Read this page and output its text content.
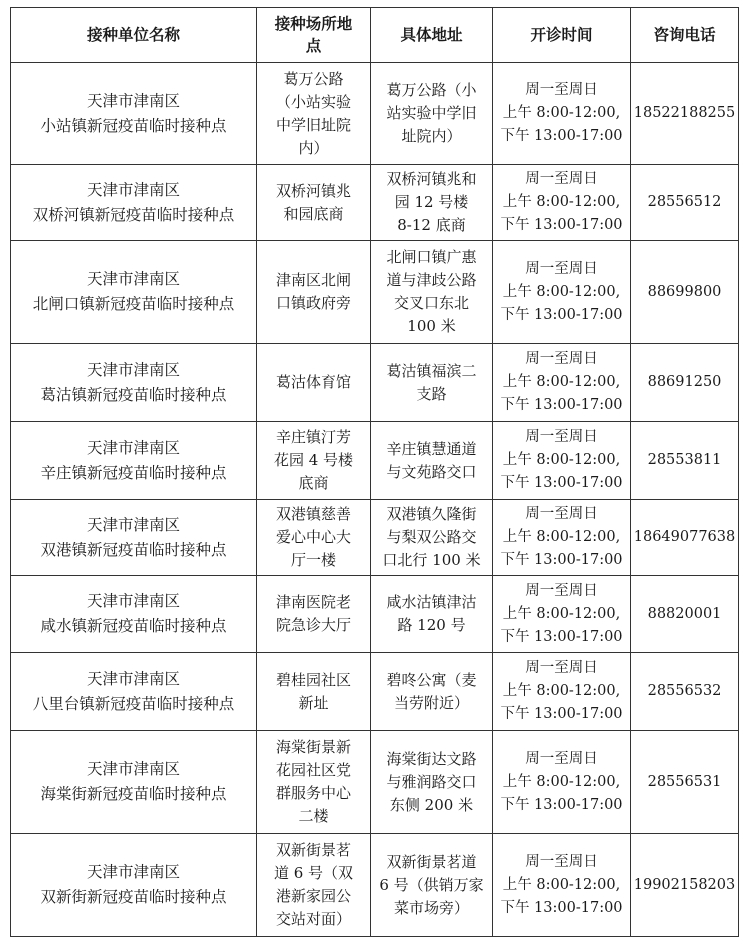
接种单位名称	接种场所地
点	具体地址	开诊时间	咨询电话

天津市津南区
小站镇新冠疫苗临时接种点	葛万公路
（小站实验
中学旧址院
内）	葛万公路（小
站实验中学旧
址院内）	周一至周日
上午 8:00-12:00,
下午 13:00-17:00	18522188255

天津市津南区
双桥河镇新冠疫苗临时接种点	双桥河镇兆
和园底商	双桥河镇兆和
园 12 号楼
8-12 底商	周一至周日
上午 8:00-12:00,
下午 13:00-17:00	28556512

天津市津南区
北闸口镇新冠疫苗临时接种点	津南区北闸
口镇政府旁	北闸口镇广惠
道与津歧公路
交叉口东北
100 米	周一至周日
上午 8:00-12:00,
下午 13:00-17:00	88699800

天津市津南区
葛沽镇新冠疫苗临时接种点	葛沽体育馆	葛沽镇福滨二
支路	周一至周日
上午 8:00-12:00,
下午 13:00-17:00	88691250

天津市津南区
辛庄镇新冠疫苗临时接种点	辛庄镇汀芳
花园 4 号楼
底商	辛庄镇慧通道
与文苑路交口	周一至周日
上午 8:00-12:00,
下午 13:00-17:00	28553811

天津市津南区
双港镇新冠疫苗临时接种点	双港镇慈善
爱心中心大
厅一楼	双港镇久隆街
与梨双公路交
口北行 100 米	周一至周日
上午 8:00-12:00,
下午 13:00-17:00	18649077638

天津市津南区
咸水镇新冠疫苗临时接种点	津南医院老
院急诊大厅	咸水沽镇津沽
路 120 号	周一至周日
上午 8:00-12:00,
下午 13:00-17:00	88820001

天津市津南区
八里台镇新冠疫苗临时接种点	碧桂园社区
新址	碧咚公寓（麦
当劳附近）	周一至周日
上午 8:00-12:00,
下午 13:00-17:00	28556532

天津市津南区
海棠街新冠疫苗临时接种点	海棠街景新
花园社区党
群服务中心
二楼	海棠街达文路
与雅润路交口
东侧 200 米	周一至周日
上午 8:00-12:00,
下午 13:00-17:00	28556531

天津市津南区
双新街新冠疫苗临时接种点	双新街景茗
道 6 号（双
港新家园公
交站对面）	双新街景茗道
6 号（供销万家
菜市场旁）	周一至周日
上午 8:00-12:00,
下午 13:00-17:00	19902158203
